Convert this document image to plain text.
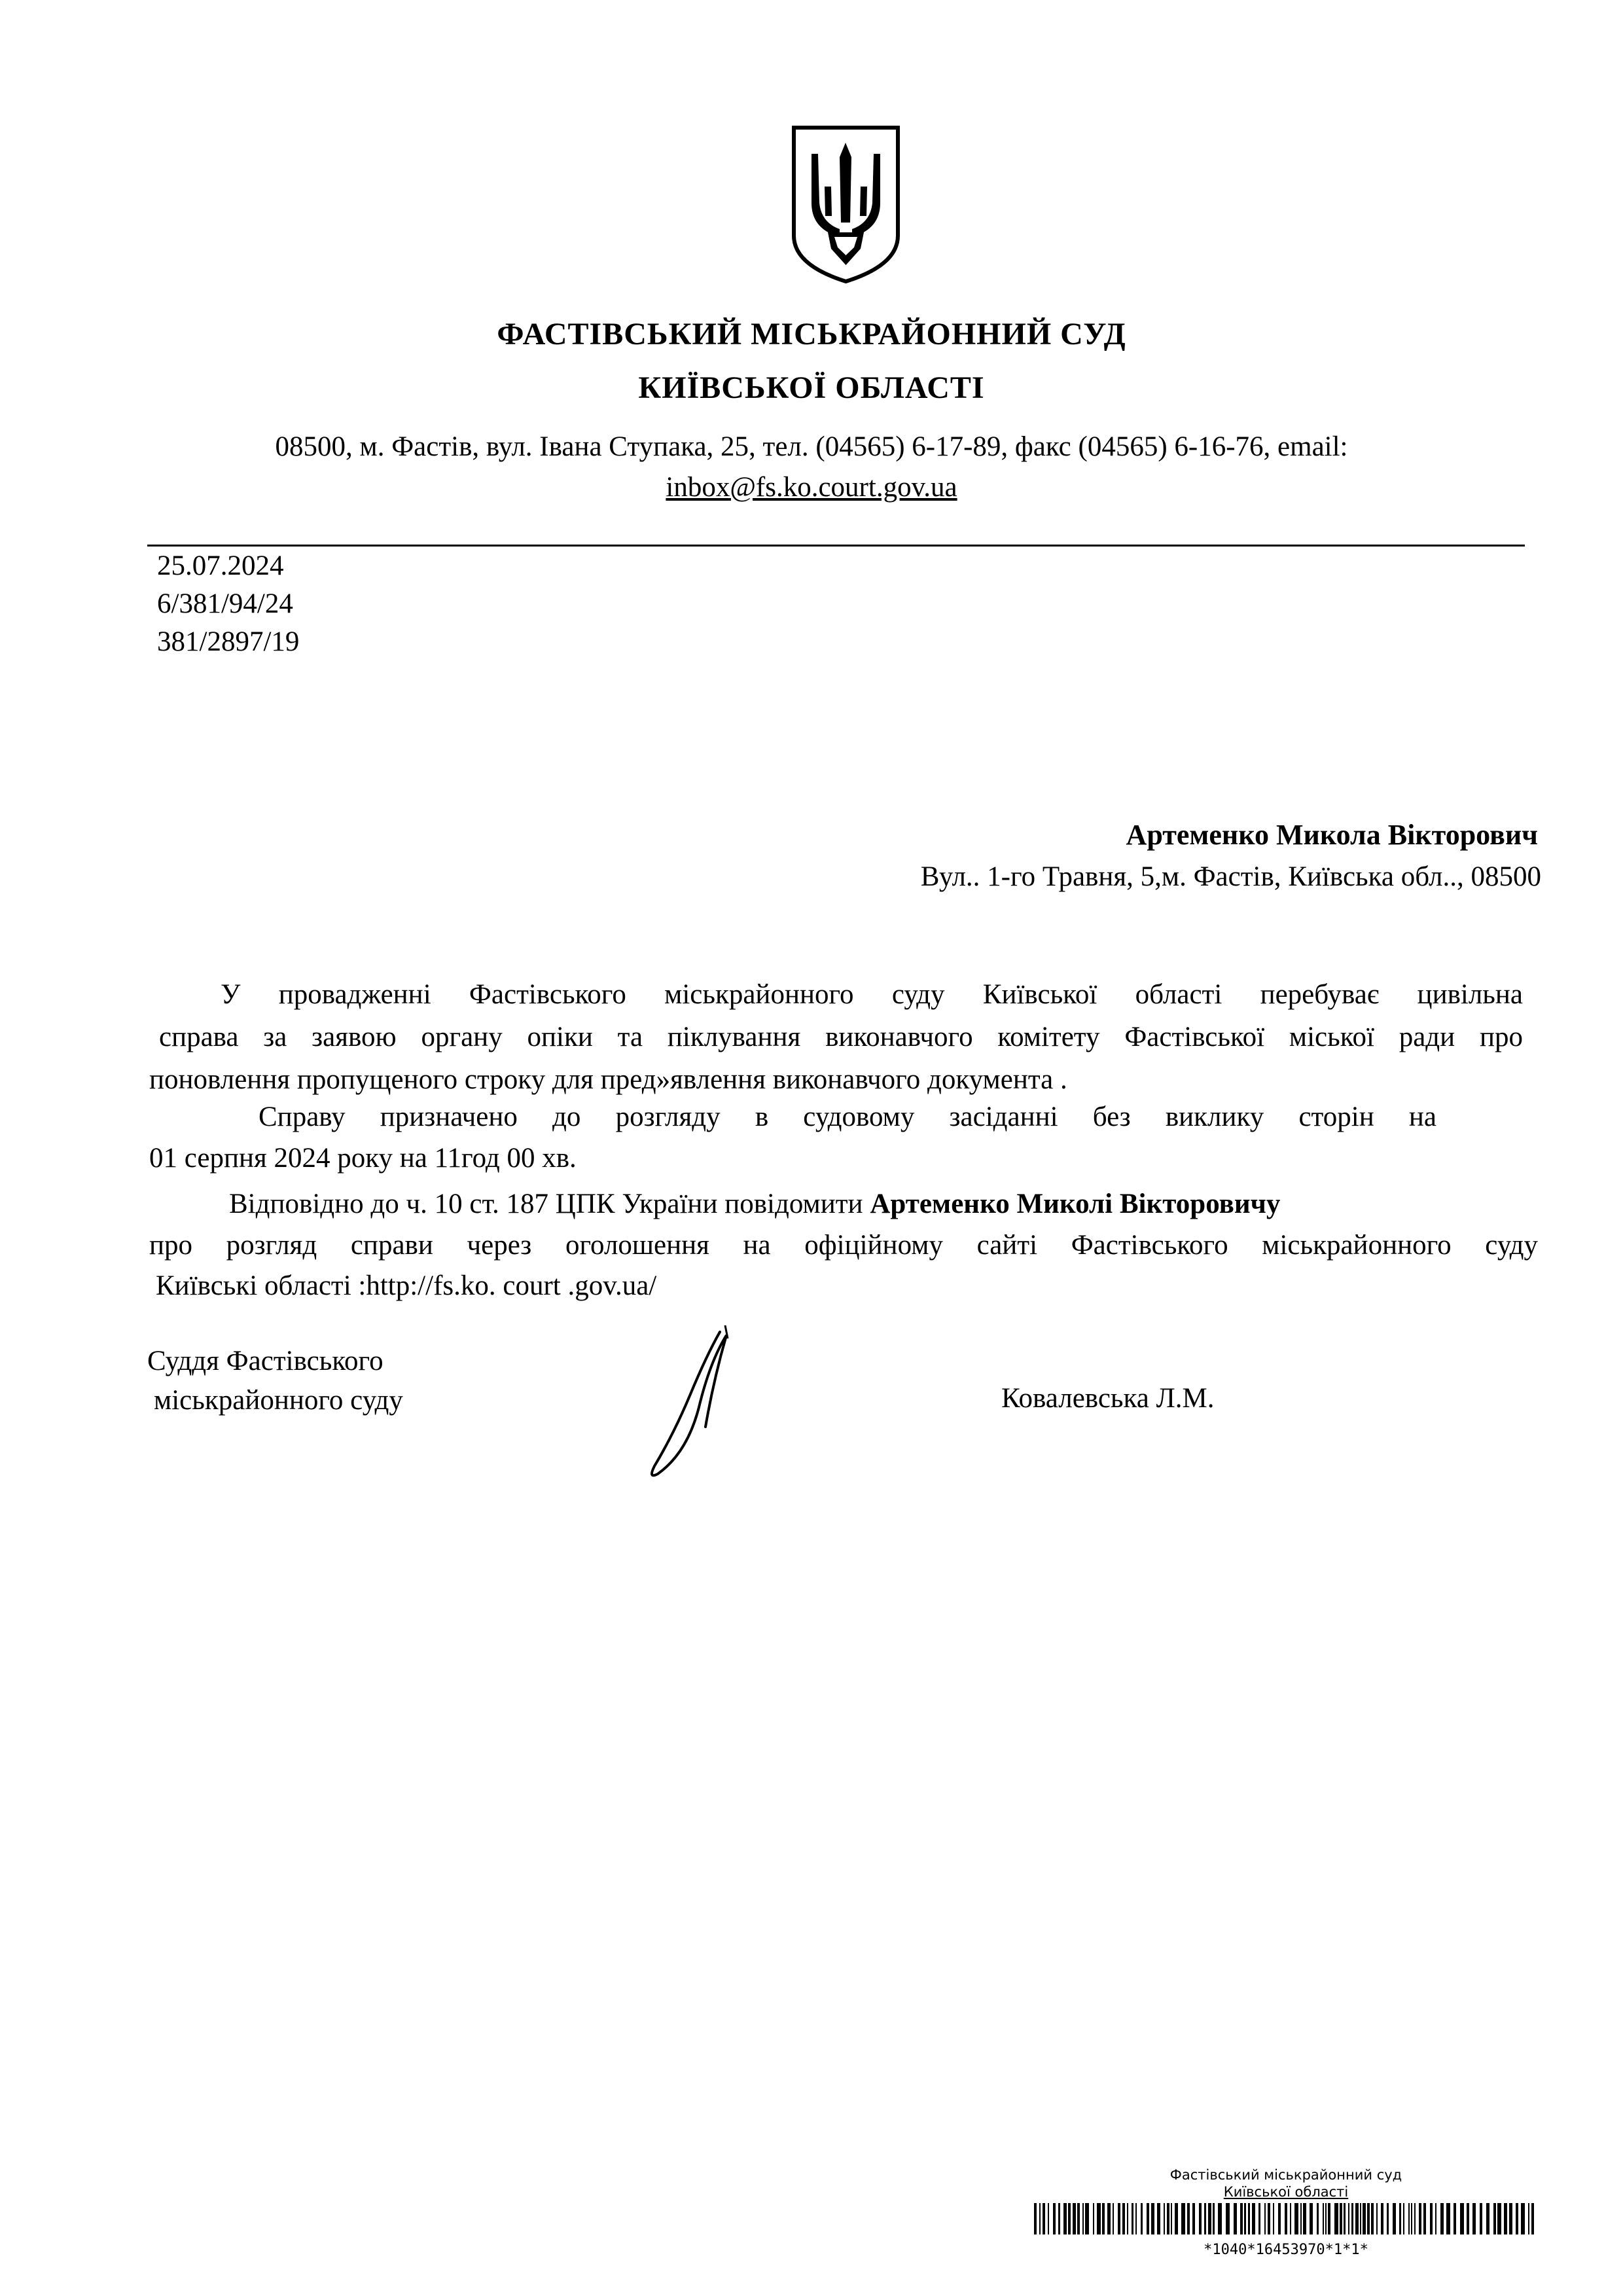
ФАСТІВСЬКИЙ МІСЬКРАЙОННИЙ СУД
КИЇВСЬКОЇ ОБЛАСТІ
08500, м. Фастів, вул. Івана Ступака, 25, тел. (04565) 6-17-89, факс (04565) 6-16-76, email:
inbox@fs.ko.court.gov.ua
25.07.2024
6/381/94/24
381/2897/19
Артеменко Микола Вікторович
Вул.. 1-го Травня, 5,м. Фастів, Київська обл.., 08500
У провадженні Фастівського міськрайонного суду Київської області перебуває цивільна
справа за заявою органу опіки та піклування виконавчого комітету Фастівської міської ради про
поновлення пропущеного строку для пред»явлення виконавчого документа .
Справу призначено до розгляду в судовому засіданні без виклику сторін на
01 серпня 2024 року на 11год 00 хв.
Відповідно до ч. 10 ст. 187 ЦПК України повідомити Артеменко Миколі Вікторовичу
про розгляд справи через оголошення на офіційному сайті Фастівського міськрайонного суду
Київські області :http://fs.ko. court .gov.ua/
Суддя Фастівського
міськрайонного суду	Ковалевська Л.М.
Фастівський міськрайонний суд
Київської області
*1040*16453970*1*1*
